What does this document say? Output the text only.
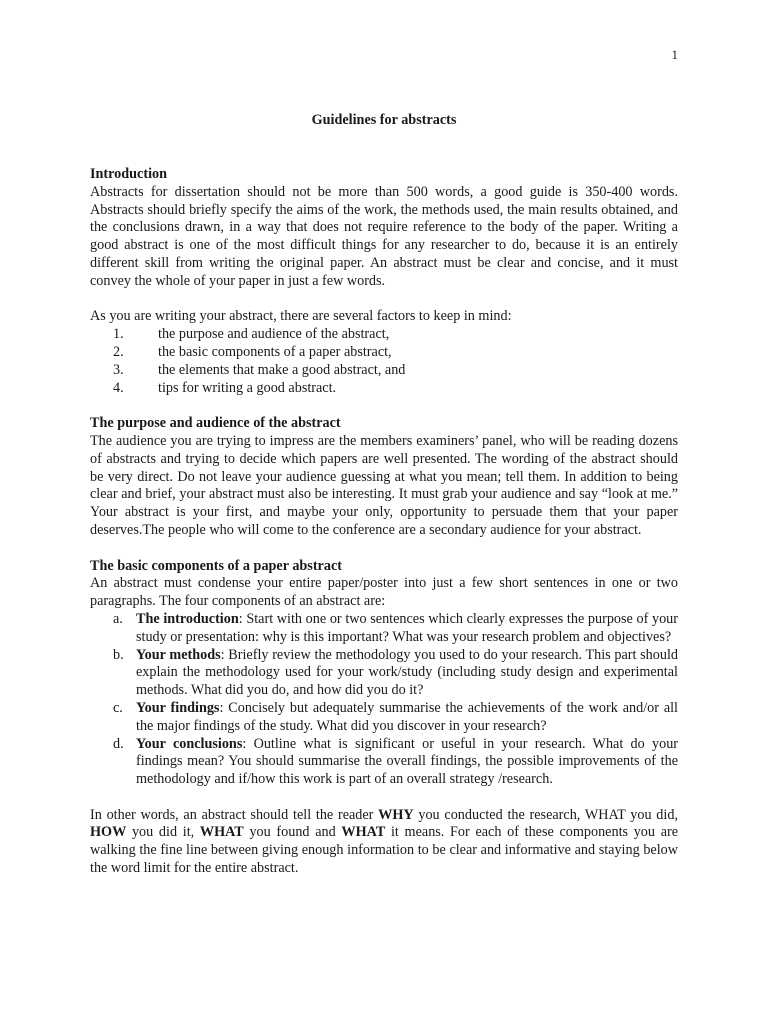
1
Guidelines for abstracts
Introduction
Abstracts for dissertation should not be more than 500 words, a good guide is 350-400 words. Abstracts should briefly specify the aims of the work, the methods used, the main results obtained, and the conclusions drawn, in a way that does not require reference to the body of the paper. Writing a good abstract is one of the most difficult things for any researcher to do, because it is an entirely different skill from writing the original paper. An abstract must be clear and concise, and it must convey the whole of your paper in just a few words.
As you are writing your abstract, there are several factors to keep in mind:
1.	the purpose and audience of the abstract,
2.	the basic components of a paper abstract,
3.	the elements that make a good abstract, and
4.	tips for writing a good abstract.
The purpose and audience of the abstract
The audience you are trying to impress are the members examiners’ panel, who will be reading dozens of abstracts and trying to decide which papers are well presented. The wording of the abstract should be very direct. Do not leave your audience guessing at what you mean; tell them. In addition to being clear and brief, your abstract must also be interesting. It must grab your audience and say “look at me.” Your abstract is your first, and maybe your only, opportunity to persuade them that your paper deserves.The people who will come to the conference are a secondary audience for your abstract.
The basic components of a paper abstract
An abstract must condense your entire paper/poster into just a few short sentences in one or two paragraphs. The four components of an abstract are:
a. The introduction: Start with one or two sentences which clearly expresses the purpose of your study or presentation: why is this important? What was your research problem and objectives?
b. Your methods: Briefly review the methodology you used to do your research. This part should explain the methodology used for your work/study (including study design and experimental methods. What did you do, and how did you do it?
c. Your findings: Concisely but adequately summarise the achievements of the work and/or all the major findings of the study. What did you discover in your research?
d. Your conclusions: Outline what is significant or useful in your research. What do your findings mean? You should summarise the overall findings, the possible improvements of the methodology and if/how this work is part of an overall strategy /research.
In other words, an abstract should tell the reader WHY you conducted the research, WHAT you did, HOW you did it, WHAT you found and WHAT it means. For each of these components you are walking the fine line between giving enough information to be clear and informative and staying below the word limit for the entire abstract.
